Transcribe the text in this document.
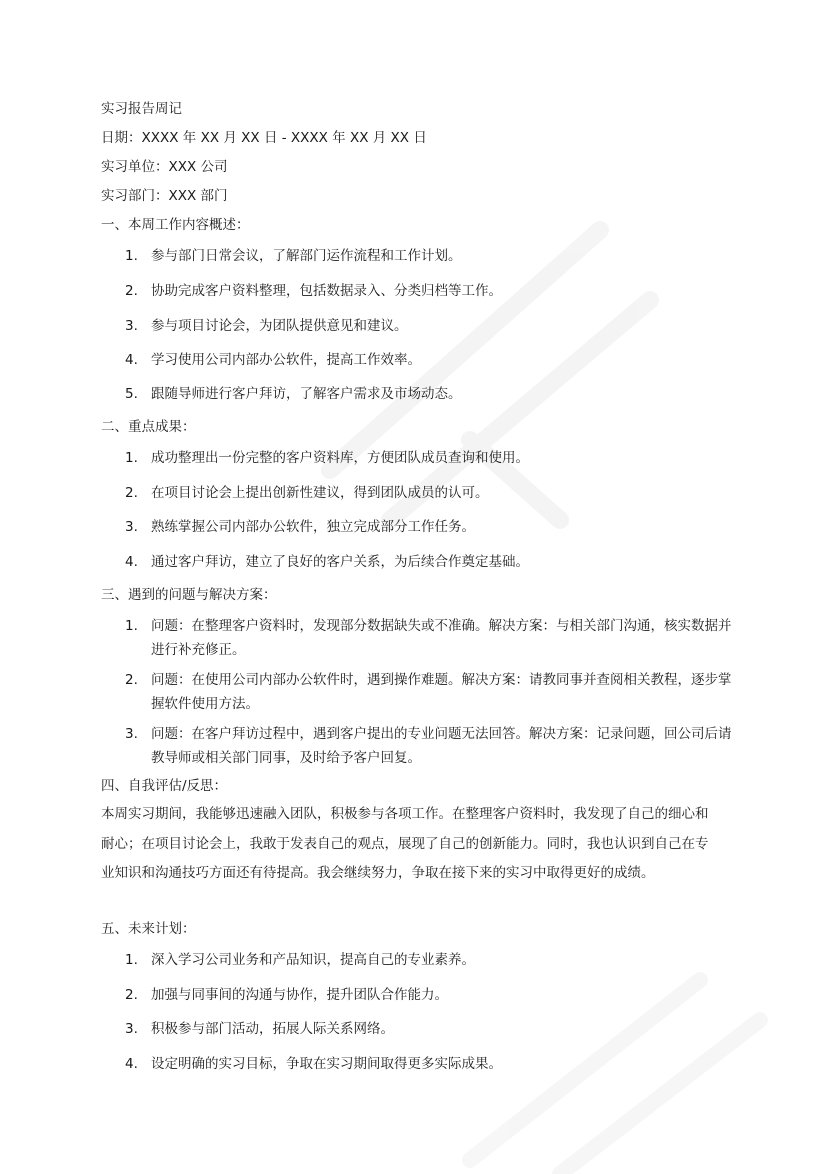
实习报告周记
日期：XXXX 年 XX 月 XX 日 - XXXX 年 XX 月 XX 日
实习单位：XXX 公司
实习部门：XXX 部门
一、本周工作内容概述：
1. 参与部门日常会议，了解部门运作流程和工作计划。
2. 协助完成客户资料整理，包括数据录入、分类归档等工作。
3. 参与项目讨论会，为团队提供意见和建议。
4. 学习使用公司内部办公软件，提高工作效率。
5. 跟随导师进行客户拜访，了解客户需求及市场动态。
二、重点成果：
1. 成功整理出一份完整的客户资料库，方便团队成员查询和使用。
2. 在项目讨论会上提出创新性建议，得到团队成员的认可。
3. 熟练掌握公司内部办公软件，独立完成部分工作任务。
4. 通过客户拜访，建立了良好的客户关系，为后续合作奠定基础。
三、遇到的问题与解决方案：
1. 问题：在整理客户资料时，发现部分数据缺失或不准确。解决方案：与相关部门沟通，核实数据并进行补充修正。
2. 问题：在使用公司内部办公软件时，遇到操作难题。解决方案：请教同事并查阅相关教程，逐步掌握软件使用方法。
3. 问题：在客户拜访过程中，遇到客户提出的专业问题无法回答。解决方案：记录问题，回公司后请教导师或相关部门同事，及时给予客户回复。
四、自我评估/反思：
本周实习期间，我能够迅速融入团队，积极参与各项工作。在整理客户资料时，我发现了自己的细心和耐心；在项目讨论会上，我敢于发表自己的观点，展现了自己的创新能力。同时，我也认识到自己在专业知识和沟通技巧方面还有待提高。我会继续努力，争取在接下来的实习中取得更好的成绩。
五、未来计划：
1. 深入学习公司业务和产品知识，提高自己的专业素养。
2. 加强与同事间的沟通与协作，提升团队合作能力。
3. 积极参与部门活动，拓展人际关系网络。
4. 设定明确的实习目标，争取在实习期间取得更多实际成果。
